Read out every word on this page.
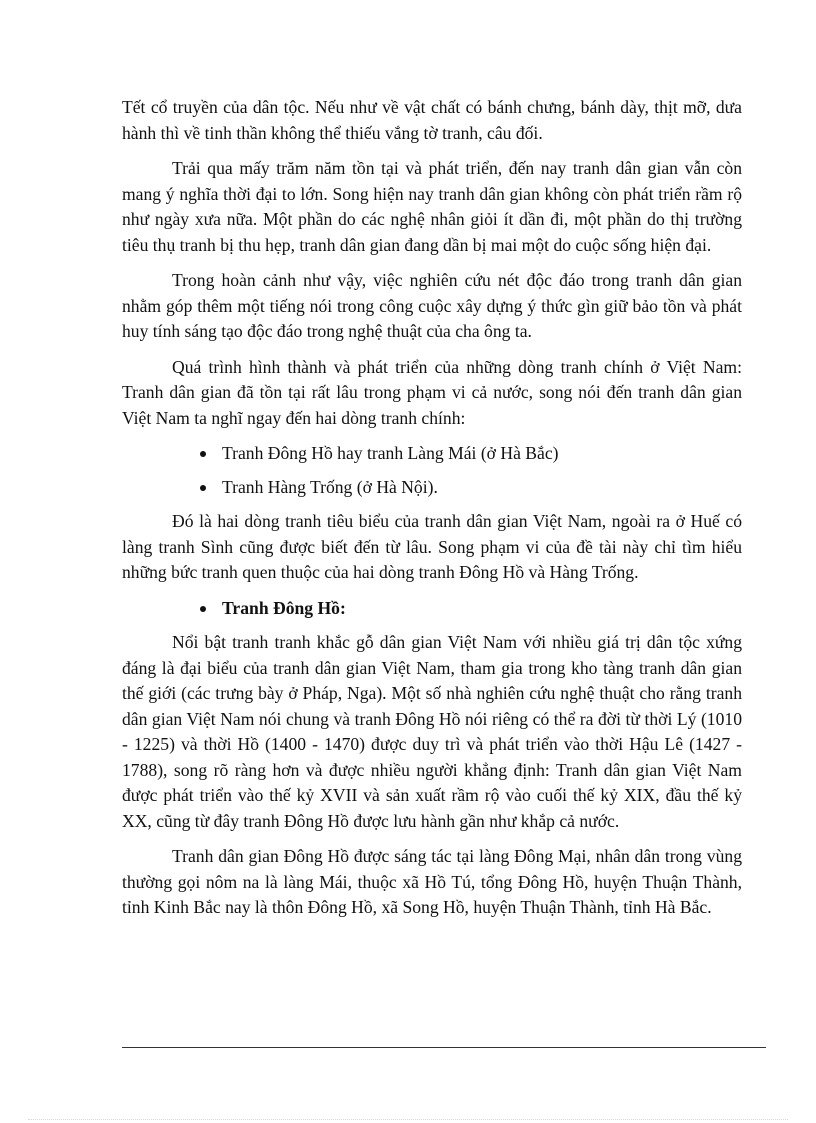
Tết cổ truyền của dân tộc. Nếu như về vật chất có bánh chưng, bánh dày, thịt mỡ, dưa hành thì về tinh thần không thể thiếu vắng tờ tranh, câu đối.

Trải qua mấy trăm năm tồn tại và phát triển, đến nay tranh dân gian vẫn còn mang ý nghĩa thời đại to lớn. Song hiện nay tranh dân gian không còn phát triển rầm rộ như ngày xưa nữa. Một phần do các nghệ nhân giỏi ít dần đi, một phần do thị trường tiêu thụ tranh bị thu hẹp, tranh dân gian đang dần bị mai một do cuộc sống hiện đại.

Trong hoàn cảnh như vậy, việc nghiên cứu nét độc đáo trong tranh dân gian nhằm góp thêm một tiếng nói trong công cuộc xây dựng ý thức gìn giữ bảo tồn và phát huy tính sáng tạo độc đáo trong nghệ thuật của cha ông ta.

Quá trình hình thành và phát triển của những dòng tranh chính ở Việt Nam: Tranh dân gian đã tồn tại rất lâu trong phạm vi cả nước, song nói đến tranh dân gian Việt Nam ta nghĩ ngay đến hai dòng tranh chính:

Tranh Đông Hồ hay tranh Làng Mái (ở Hà Bắc)
Tranh Hàng Trống (ở Hà Nội).

Đó là hai dòng tranh tiêu biểu của tranh dân gian Việt Nam, ngoài ra ở Huế có làng tranh Sình cũng được biết đến từ lâu. Song phạm vi của đề tài này chỉ tìm hiểu những bức tranh quen thuộc của hai dòng tranh Đông Hồ và Hàng Trống.

Tranh Đông Hồ:

Nổi bật tranh tranh khắc gỗ dân gian Việt Nam với nhiều giá trị dân tộc xứng đáng là đại biểu của tranh dân gian Việt Nam, tham gia trong kho tàng tranh dân gian thế giới (các trưng bày ở Pháp, Nga). Một số nhà nghiên cứu nghệ thuật cho rằng tranh dân gian Việt Nam nói chung và tranh Đông Hồ nói riêng có thể ra đời từ thời Lý (1010 - 1225) và thời Hồ (1400 - 1470) được duy trì và phát triển vào thời Hậu Lê (1427 - 1788), song rõ ràng hơn và được nhiều người khẳng định: Tranh dân gian Việt Nam được phát triển vào thế kỷ XVII và sản xuất rầm rộ vào cuối thế kỷ XIX, đầu thế kỷ XX, cũng từ đây tranh Đông Hồ được lưu hành gần như khắp cả nước.

Tranh dân gian Đông Hồ được sáng tác tại làng Đông Mại, nhân dân trong vùng thường gọi nôm na là làng Mái, thuộc xã Hồ Tú, tổng Đông Hồ, huyện Thuận Thành, tỉnh Kinh Bắc nay là thôn Đông Hồ, xã Song Hồ, huyện Thuận Thành, tỉnh Hà Bắc.
